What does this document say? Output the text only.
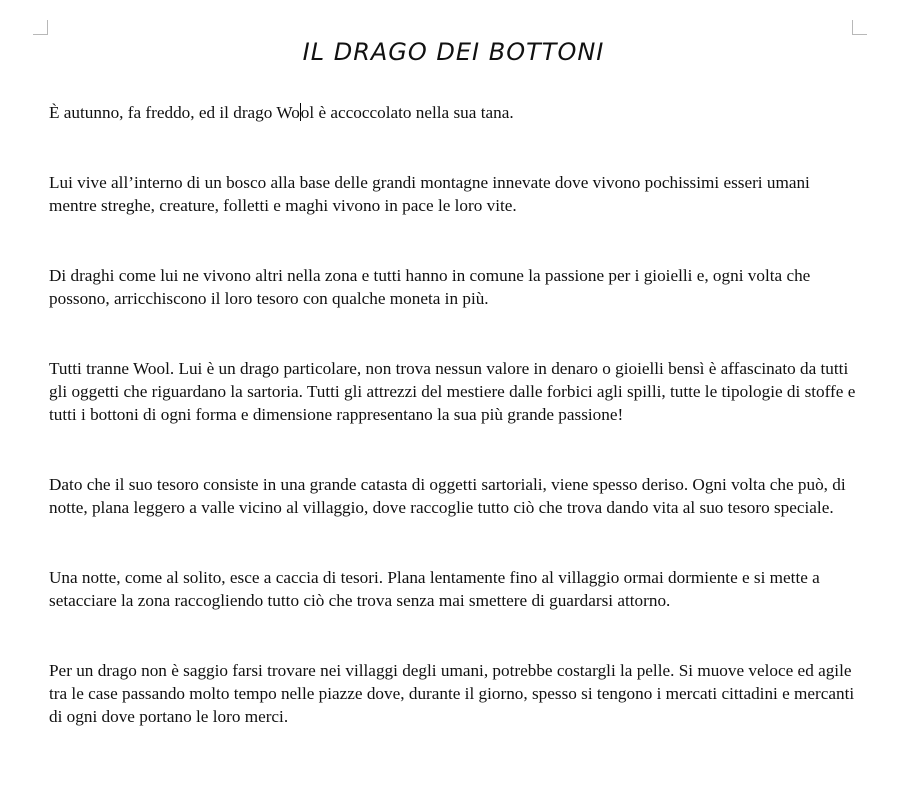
IL DRAGO DEI BOTTONI

È autunno, fa freddo, ed il drago Wool è accoccolato nella sua tana.

Lui vive all’interno di un bosco alla base delle grandi montagne innevate dove vivono pochissimi esseri umani mentre streghe, creature, folletti e maghi vivono in pace le loro vite.

Di draghi come lui ne vivono altri nella zona e tutti hanno in comune la passione per i gioielli e, ogni volta che possono, arricchiscono il loro tesoro con qualche moneta in più.

Tutti tranne Wool. Lui è un drago particolare, non trova nessun valore in denaro o gioielli bensì è affascinato da tutti gli oggetti che riguardano la sartoria. Tutti gli attrezzi del mestiere dalle forbici agli spilli, tutte le tipologie di stoffe e tutti i bottoni di ogni forma e dimensione rappresentano la sua più grande passione!

Dato che il suo tesoro consiste in una grande catasta di oggetti sartoriali, viene spesso deriso. Ogni volta che può, di notte, plana leggero a valle vicino al villaggio, dove raccoglie tutto ciò che trova dando vita al suo tesoro speciale.

Una notte, come al solito, esce a caccia di tesori. Plana lentamente fino al villaggio ormai dormiente e si mette a setacciare la zona raccogliendo tutto ciò che trova senza mai smettere di guardarsi attorno.

Per un drago non è saggio farsi trovare nei villaggi degli umani, potrebbe costargli la pelle. Si muove veloce ed agile tra le case passando molto tempo nelle piazze dove, durante il giorno, spesso si tengono i mercati cittadini e mercanti di ogni dove portano le loro merci.
